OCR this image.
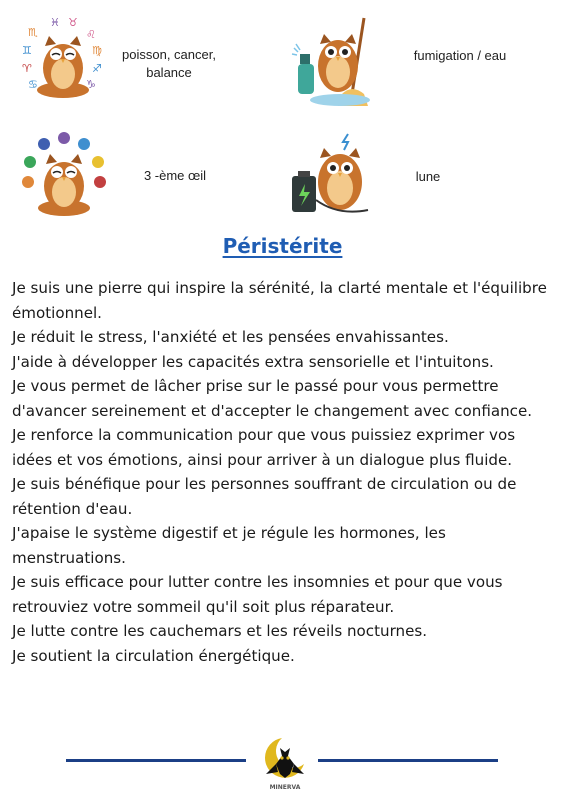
♓ ♉
♏	♌
♊	♍
♈	♐
♋	♑
poisson, cancer,
balance
fumigation / eau
3 -ème œil	lune
Péristérite

Je suis une pierre qui inspire la sérénité, la clarté mentale et l'équilibre émotionnel.

Je réduit le stress, l'anxiété et les pensées envahissantes.

J'aide à développer les capacités extra sensorielle et l'intuitons.

Je vous permet de lâcher prise sur le passé pour vous permettre d'avancer sereinement et d'accepter le changement avec confiance.

Je renforce la communication pour que vous puissiez exprimer vos idées et vos émotions, ainsi pour arriver à un dialogue plus fluide.

Je suis bénéfique pour les personnes souffrant de circulation ou de rétention d'eau.

J'apaise le système digestif et je régule les hormones, les menstruations.

Je suis efficace pour lutter contre les insomnies et pour que vous retrouviez votre sommeil qu'il soit plus réparateur.

Je lutte contre les cauchemars et les réveils nocturnes.

Je soutient la circulation énergétique.

MINERVA
